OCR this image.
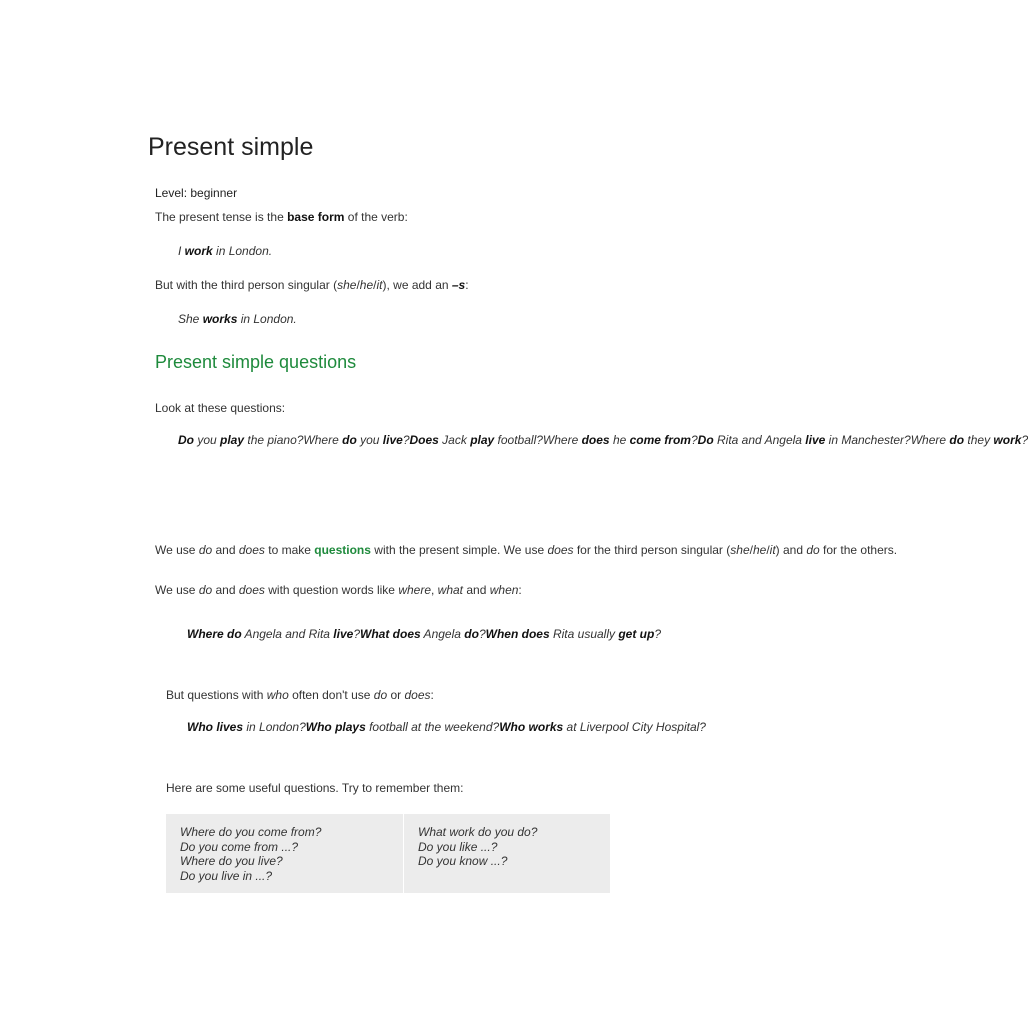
Present simple
Level: beginner
The present tense is the base form of the verb:
I work in London.
But with the third person singular (she/he/it), we add an –s:
She works in London.
Present simple questions
Look at these questions:
Do you play the piano?Where do you live?Does Jack play football?Where does he come from?Do Rita and Angela live in Manchester?Where do they work?
We use do and does to make questions with the present simple. We use does for the third person singular (she/he/it) and do for the others.
We use do and does with question words like where, what and when:
Where do Angela and Rita live?What does Angela do?When does Rita usually get up?
But questions with who often don't use do or does:
Who lives in London?Who plays football at the weekend?Who works at Liverpool City Hospital?
Here are some useful questions. Try to remember them:
Where do you come from?
Do you come from ...?
Where do you live?
Do you live in ...?
What work do you do?
Do you like ...?
Do you know ...?
